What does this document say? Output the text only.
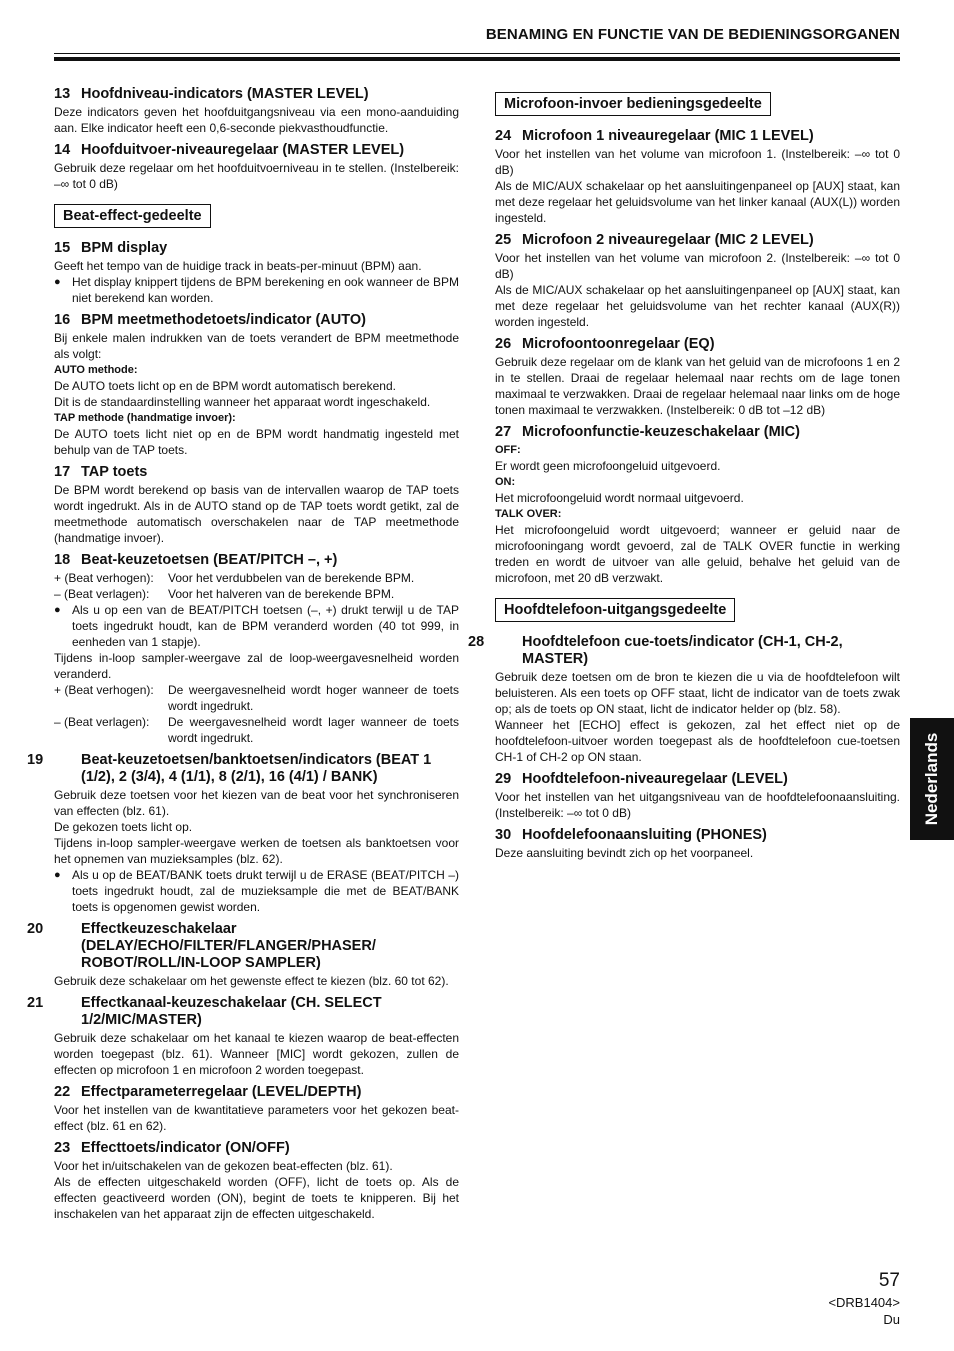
BENAMING EN FUNCTIE VAN DE BEDIENINGSORGANEN
13 Hoofdniveau-indicators (MASTER LEVEL)

Deze indicators geven het hoofduitgangsniveau via een mono-aanduiding aan. Elke indicator heeft een 0,6-seconde piekvasthoudfunctie.

14 Hoofduitvoer-niveauregelaar (MASTER LEVEL)

Gebruik deze regelaar om het hoofduitvoerniveau in te stellen. (Instelbereik: –∞ tot 0 dB)

Beat-effect-gedeelte
15 BPM display

Geeft het tempo van de huidige track in beats-per-minuut (BPM) aan.

● Het display knippert tijdens de BPM berekening en ook wanneer de BPM niet berekend kan worden.
16 BPM meetmethodetoets/indicator (AUTO)

Bij enkele malen indrukken van de toets verandert de BPM meetmethode als volgt:

AUTO methode:

De AUTO toets licht op en de BPM wordt automatisch berekend.

Dit is de standaardinstelling wanneer het apparaat wordt ingeschakeld.

TAP methode (handmatige invoer):

De AUTO toets licht niet op en de BPM wordt handmatig ingesteld met behulp van de TAP toets.

17 TAP toets

De BPM wordt berekend op basis van de intervallen waarop de TAP toets wordt ingedrukt. Als in de AUTO stand op de TAP toets wordt getikt, zal de meetmethode automatisch overschakelen naar de TAP meetmethode (handmatige invoer).

18 Beat-keuzetoetsen (BEAT/PITCH –, +)
+ (Beat verhogen): Voor het verdubbelen van de berekende BPM.
– (Beat verlagen): Voor het halveren van de berekende BPM.
● Als u op een van de BEAT/PITCH toetsen (–, +) drukt terwijl u de TAP toets ingedrukt houdt, kan de BPM veranderd worden (40 tot 999, in eenheden van 1 stapje).

Tijdens in-loop sampler-weergave zal de loop-weergavesnelheid worden veranderd.

+ (Beat verhogen): De weergavesnelheid wordt hoger wanneer de toets wordt ingedrukt.
– (Beat verlagen): De weergavesnelheid wordt lager wanneer de toets wordt ingedrukt.
19	Beat-keuzetoetsen/banktoetsen/indicators (BEAT 1 (1/2), 2 (3/4), 4 (1/1), 8 (2/1), 16 (4/1) / BANK)

Gebruik deze toetsen voor het kiezen van de beat voor het synchroniseren van effecten (blz. 61).

De gekozen toets licht op.

Tijdens in-loop sampler-weergave werken de toetsen als banktoetsen voor het opnemen van muzieksamples (blz. 62).

● Als u op de BEAT/BANK toets drukt terwijl u de ERASE (BEAT/PITCH –) toets ingedrukt houdt, zal de muzieksample die met de BEAT/BANK toets is opgenomen gewist worden.
20	Effectkeuzeschakelaar (DELAY/ECHO/FILTER/FLANGER/PHASER/ ROBOT/ROLL/IN-LOOP SAMPLER)

Gebruik deze schakelaar om het gewenste effect te kiezen (blz. 60 tot 62).

21	Effectkanaal-keuzeschakelaar (CH. SELECT 1/2/MIC/MASTER)

Gebruik deze schakelaar om het kanaal te kiezen waarop de beat-effecten worden toegepast (blz. 61). Wanneer [MIC] wordt gekozen, zullen de effecten op microfoon 1 en microfoon 2 worden toegepast.

22 Effectparameterregelaar (LEVEL/DEPTH)

Voor het instellen van de kwantitatieve parameters voor het gekozen beat-effect (blz. 61 en 62).

23 Effecttoets/indicator (ON/OFF)

Voor het in/uitschakelen van de gekozen beat-effecten (blz. 61).

Als de effecten uitgeschakeld worden (OFF), licht de toets op. Als de effecten geactiveerd worden (ON), begint de toets te knipperen. Bij het inschakelen van het apparaat zijn de effecten uitgeschakeld.

Microfoon-invoer bedieningsgedeelte
24 Microfoon 1 niveauregelaar (MIC 1 LEVEL)

Voor het instellen van het volume van microfoon 1. (Instelbereik: –∞ tot 0 dB)

Als de MIC/AUX schakelaar op het aansluitingenpaneel op [AUX] staat, kan met deze regelaar het geluidsvolume van het linker kanaal (AUX(L)) worden ingesteld.

25 Microfoon 2 niveauregelaar (MIC 2 LEVEL)

Voor het instellen van het volume van microfoon 2. (Instelbereik: –∞ tot 0 dB)

Als de MIC/AUX schakelaar op het aansluitingenpaneel op [AUX] staat, kan met deze regelaar het geluidsvolume van het rechter kanaal (AUX(R)) worden ingesteld.

26 Microfoontoonregelaar (EQ)

Gebruik deze regelaar om de klank van het geluid van de microfoons 1 en 2 in te stellen. Draai de regelaar helemaal naar rechts om de lage tonen maximaal te verzwakken. Draai de regelaar helemaal naar links om de hoge tonen maximaal te verzwakken. (Instelbereik: 0 dB tot –12 dB)

27 Microfoonfunctie-keuzeschakelaar (MIC)
OFF:

Er wordt geen microfoongeluid uitgevoerd.

ON:

Het microfoongeluid wordt normaal uitgevoerd.

TALK OVER:

Het microfoongeluid wordt uitgevoerd; wanneer er geluid naar de microfooningang wordt gevoerd, zal de TALK OVER functie in werking treden en wordt de uitvoer van alle geluid, behalve het geluid van de microfoon, met 20 dB verzwakt.

Hoofdtelefoon-uitgangsgedeelte
28	Hoofdtelefoon cue-toets/indicator (CH-1, CH-2, MASTER)

Gebruik deze toetsen om de bron te kiezen die u via de hoofdtelefoon wilt beluisteren. Als een toets op OFF staat, licht de indicator van de toets zwak op; als de toets op ON staat, licht de indicator helder op (blz. 58).

Wanneer het [ECHO] effect is gekozen, zal het effect niet op de hoofdtelefoon-uitvoer worden toegepast als de hoofdtelefoon cue-toetsen CH-1 of CH-2 op ON staan.

29 Hoofdtelefoon-niveauregelaar (LEVEL)

Voor het instellen van het uitgangsniveau van de hoofdtelefoonaansluiting. (Instelbereik: –∞ tot 0 dB)

30 Hoofdelefoonaansluiting (PHONES)

Deze aansluiting bevindt zich op het voorpaneel.

Nederlands
57
<DRB1404>
Du
